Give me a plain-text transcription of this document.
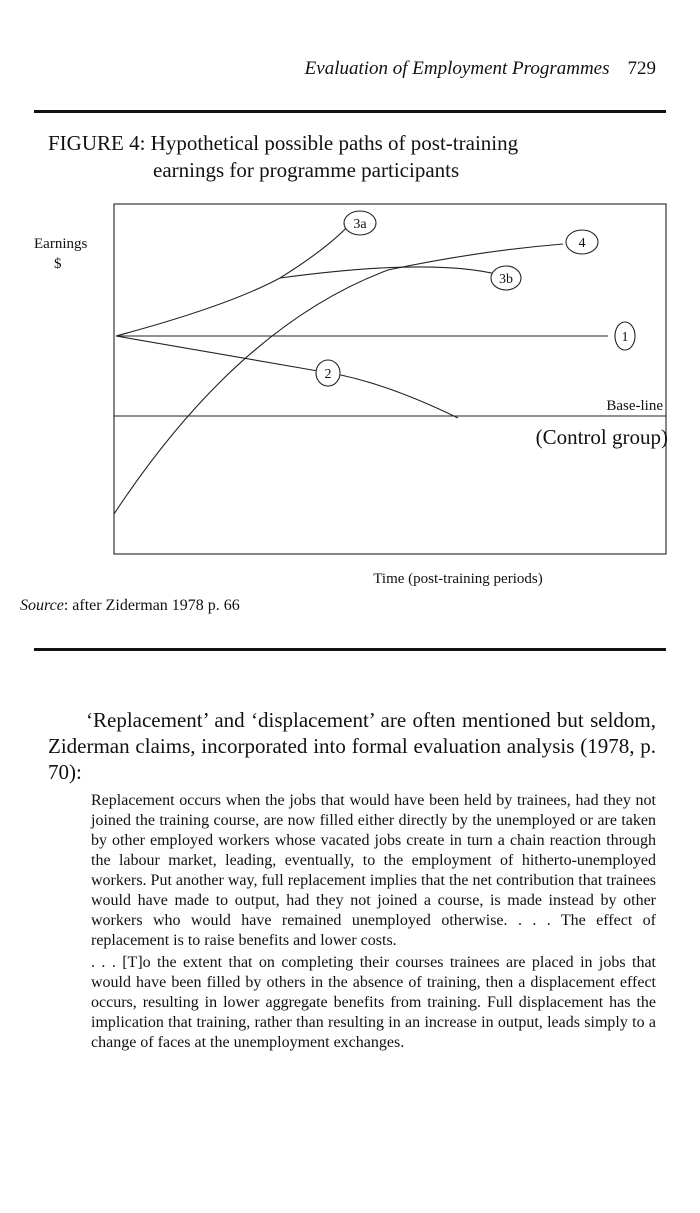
Evaluation of Employment Programmes 729
FIGURE 4: Hypothetical possible paths of post-training
earnings for programme participants
3a
3b
4
1
2
Earnings
$
Base-line
(Control group)
Time (post-training periods)
Source: after Ziderman 1978 p. 66

‘Replacement’ and ‘displacement’ are often mentioned but seldom, Ziderman claims, incorporated into formal evaluation analysis (1978, p. 70):

Replacement occurs when the jobs that would have been held by trainees, had they not joined the training course, are now filled either directly by the unemployed or are taken by other employed workers whose vacated jobs create in turn a chain reaction through the labour market, leading, eventually, to the employment of hitherto-unemployed workers. Put another way, full replacement implies that the net contribution that trainees would have made to output, had they not joined a course, is made instead by other workers who would have remained unemployed otherwise. . . . The effect of replacement is to raise benefits and lower costs.

. . . [T]o the extent that on completing their courses trainees are placed in jobs that would have been filled by others in the absence of training, then a displacement effect occurs, resulting in lower aggregate benefits from training. Full displacement has the implication that training, rather than resulting in an increase in output, leads simply to a change of faces at the unemployment exchanges.
